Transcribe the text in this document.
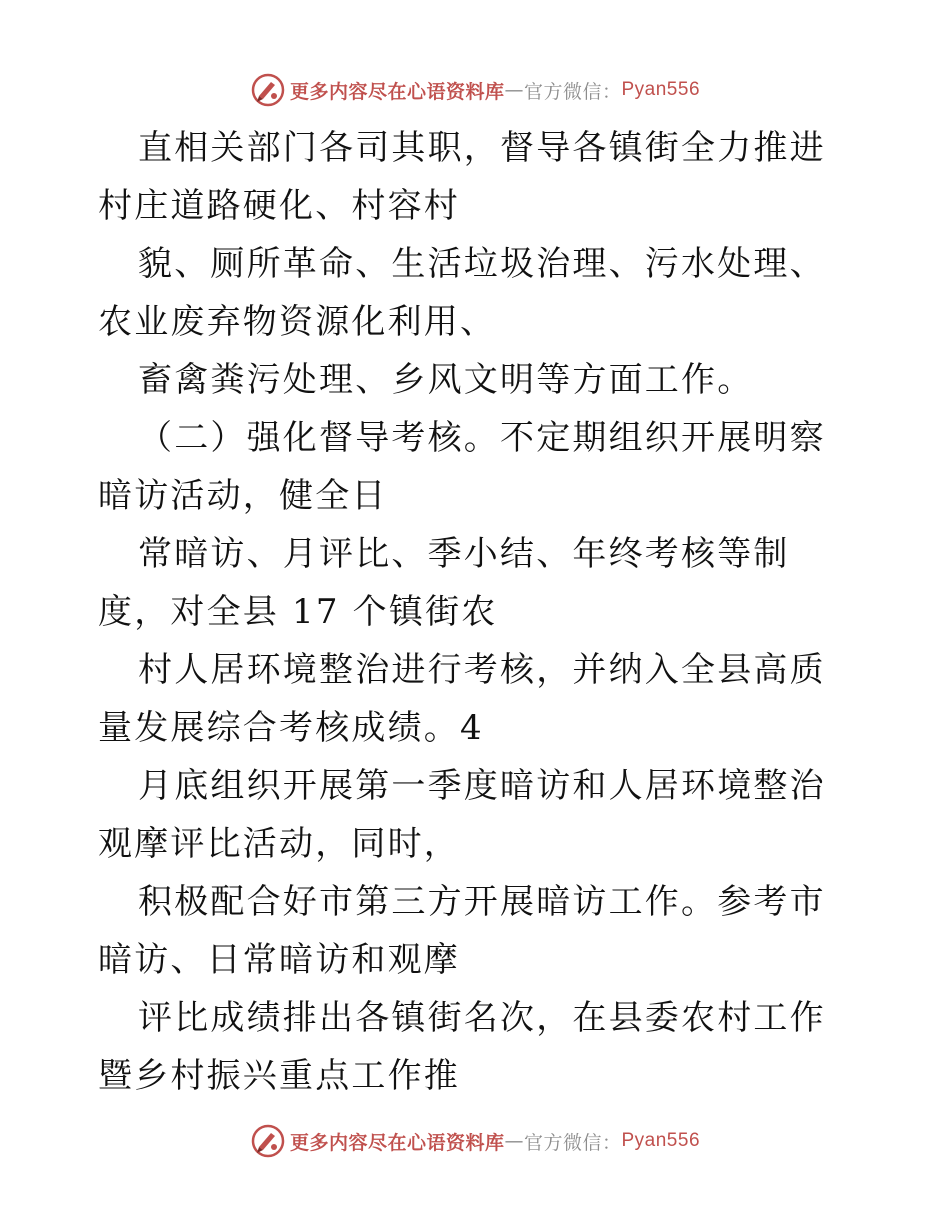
更多内容尽在心语资料库 — 官方微信： Pyan556

直相关部门各司其职，督导各镇街全力推进村庄道路硬化、村容村

貌、厕所革命、生活垃圾治理、污水处理、农业废弃物资源化利用、

畜禽粪污处理、乡风文明等方面工作。

（二）强化督导考核。不定期组织开展明察暗访活动，健全日

常暗访、月评比、季小结、年终考核等制度，对全县 17 个镇街农

村人居环境整治进行考核，并纳入全县高质量发展综合考核成绩。4

月底组织开展第一季度暗访和人居环境整治观摩评比活动，同时，

积极配合好市第三方开展暗访工作。参考市暗访、日常暗访和观摩

评比成绩排出各镇街名次，在县委农村工作暨乡村振兴重点工作推

更多内容尽在心语资料库 — 官方微信： Pyan556
